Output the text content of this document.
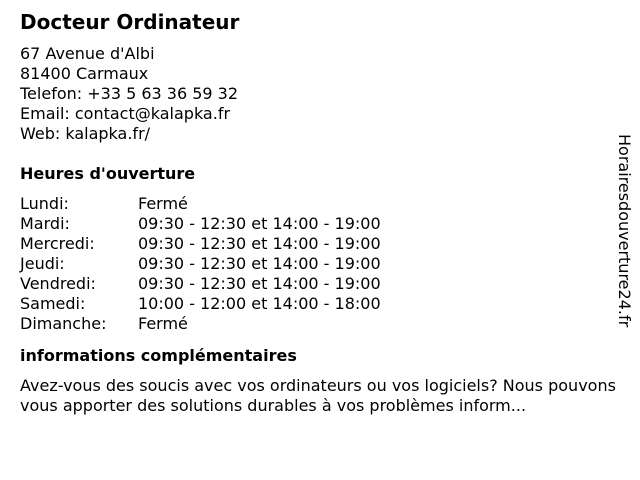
Docteur Ordinateur
67 Avenue d'Albi
81400 Carmaux
Telefon: +33 5 63 36 59 32
Email: contact@kalapka.fr
Web: kalapka.fr/
Heures d'ouverture
Lundi:	Fermé
Mardi:	09:30 - 12:30 et 14:00 - 19:00
Mercredi:	09:30 - 12:30 et 14:00 - 19:00
Jeudi:	09:30 - 12:30 et 14:00 - 19:00
Vendredi:	09:30 - 12:30 et 14:00 - 19:00
Samedi:	10:00 - 12:00 et 14:00 - 18:00
Dimanche: Fermé
informations complémentaires
Avez-vous des soucis avec vos ordinateurs ou vos logiciels? Nous pouvons vous apporter des solutions durables à vos problèmes inform...
Horairesdouverture24.fr
